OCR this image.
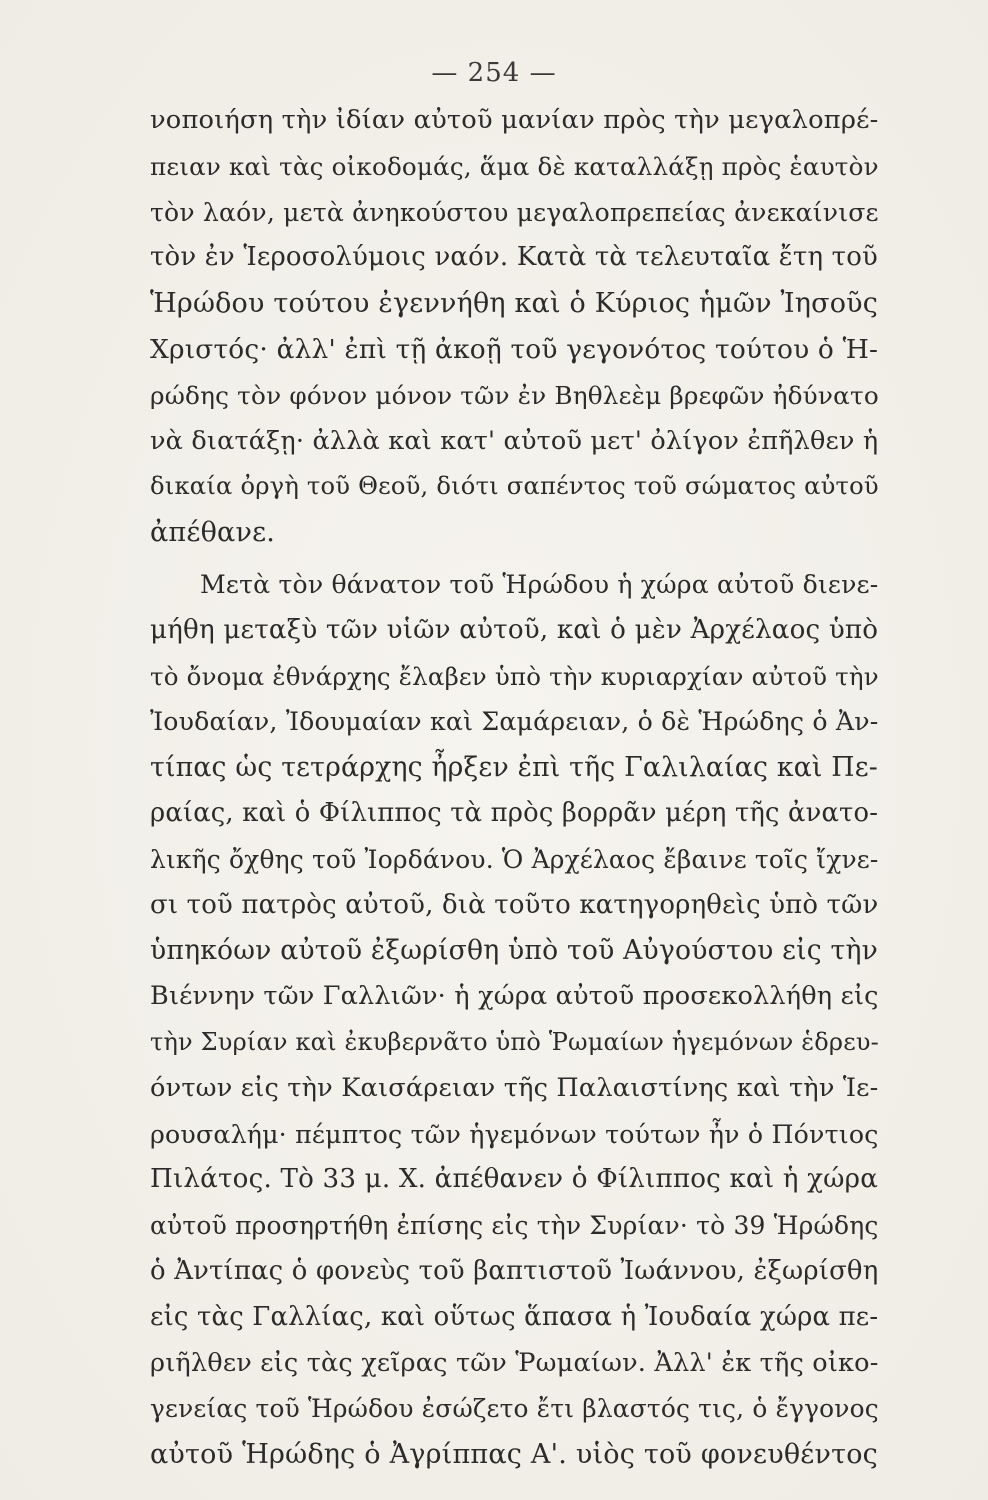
— 254 —
νοποιήση τὴν ἰδίαν αὐτοῦ μανίαν πρὸς τὴν μεγαλοπρέ-
πειαν καὶ τὰς οἰκοδομάς, ἅμα δὲ καταλλάξῃ πρὸς ἑαυτὸν
τὸν λαόν, μετὰ ἀνηκούστου μεγαλοπρεπείας ἀνεκαίνισε
τὸν ἐν Ἱεροσολύμοις ναόν. Κατὰ τὰ τελευταῖα ἔτη τοῦ
Ἡρώδου τούτου ἐγεννήθη καὶ ὁ Κύριος ἡμῶν Ἰησοῦς
Χριστός· ἀλλ' ἐπὶ τῇ ἀκοῇ τοῦ γεγονότος τούτου ὁ Ἡ-
ρώδης τὸν φόνον μόνον τῶν ἐν Βηθλεὲμ βρεφῶν ἠδύνατο
νὰ διατάξῃ· ἀλλὰ καὶ κατ' αὐτοῦ μετ' ὀλίγον ἐπῆλθεν ἡ
δικαία ὀργὴ τοῦ Θεοῦ, διότι σαπέντος τοῦ σώματος αὐτοῦ
ἀπέθανε.
Μετὰ τὸν θάνατον τοῦ Ἡρώδου ἡ χώρα αὐτοῦ διενε-
μήθη μεταξὺ τῶν υἱῶν αὐτοῦ, καὶ ὁ μὲν Ἀρχέλαος ὑπὸ
τὸ ὄνομα ἐθνάρχης ἔλαβεν ὑπὸ τὴν κυριαρχίαν αὐτοῦ τὴν
Ἰουδαίαν, Ἰδουμαίαν καὶ Σαμάρειαν, ὁ δὲ Ἡρώδης ὁ Ἀν-
τίπας ὡς τετράρχης ἦρξεν ἐπὶ τῆς Γαλιλαίας καὶ Πε-
ραίας, καὶ ὁ Φίλιππος τὰ πρὸς βορρᾶν μέρη τῆς ἀνατο-
λικῆς ὄχθης τοῦ Ἰορδάνου. Ὁ Ἀρχέλαος ἔβαινε τοῖς ἴχνε-
σι τοῦ πατρὸς αὐτοῦ, διὰ τοῦτο κατηγορηθεὶς ὑπὸ τῶν
ὑπηκόων αὐτοῦ ἐξωρίσθη ὑπὸ τοῦ Αὐγούστου εἰς τὴν
Βιέννην τῶν Γαλλιῶν· ἡ χώρα αὐτοῦ προσεκολλήθη εἰς
τὴν Συρίαν καὶ ἐκυβερνᾶτο ὑπὸ Ῥωμαίων ἡγεμόνων ἑδρευ-
όντων εἰς τὴν Καισάρειαν τῆς Παλαιστίνης καὶ τὴν Ἱε-
ρουσαλήμ· πέμπτος τῶν ἡγεμόνων τούτων ἦν ὁ Πόντιος
Πιλάτος. Τὸ 33 μ. Χ. ἀπέθανεν ὁ Φίλιππος καὶ ἡ χώρα
αὐτοῦ προσηρτήθη ἐπίσης εἰς τὴν Συρίαν· τὸ 39 Ἡρώδης
ὁ Ἀντίπας ὁ φονεὺς τοῦ βαπτιστοῦ Ἰωάννου, ἐξωρίσθη
εἰς τὰς Γαλλίας, καὶ οὕτως ἅπασα ἡ Ἰουδαία χώρα πε-
ριῆλθεν εἰς τὰς χεῖρας τῶν Ῥωμαίων. Ἀλλ' ἐκ τῆς οἰκο-
γενείας τοῦ Ἡρώδου ἐσώζετο ἔτι βλαστός τις, ὁ ἔγγονος
αὐτοῦ Ἡρώδης ὁ Ἀγρίππας Α'. υἱὸς τοῦ φονευθέντος
